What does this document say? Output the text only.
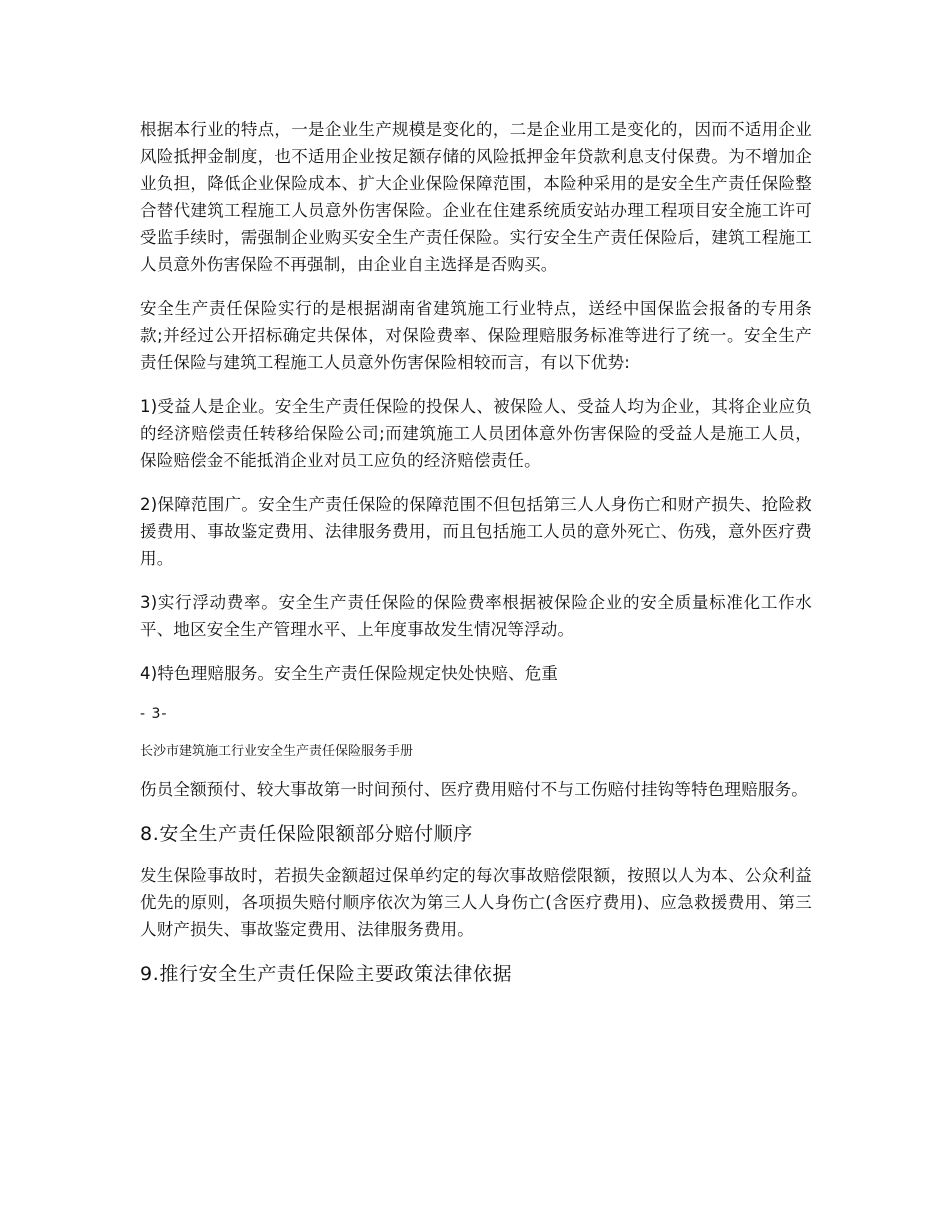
根据本行业的特点，一是企业生产规模是变化的，二是企业用工是变化的，因而不适用企业风险抵押金制度，也不适用企业按足额存储的风险抵押金年贷款利息支付保费。为不增加企业负担，降低企业保险成本、扩大企业保险保障范围，本险种采用的是安全生产责任保险整合替代建筑工程施工人员意外伤害保险。企业在住建系统质安站办理工程项目安全施工许可受监手续时，需强制企业购买安全生产责任保险。实行安全生产责任保险后，建筑工程施工人员意外伤害保险不再强制，由企业自主选择是否购买。

安全生产责任保险实行的是根据湖南省建筑施工行业特点，送经中国保监会报备的专用条款;并经过公开招标确定共保体，对保险费率、保险理赔服务标准等进行了统一。安全生产责任保险与建筑工程施工人员意外伤害保险相较而言，有以下优势:

1)受益人是企业。安全生产责任保险的投保人、被保险人、受益人均为企业，其将企业应负的经济赔偿责任转移给保险公司;而建筑施工人员团体意外伤害保险的受益人是施工人员，保险赔偿金不能抵消企业对员工应负的经济赔偿责任。

2)保障范围广。安全生产责任保险的保障范围不但包括第三人人身伤亡和财产损失、抢险救援费用、事故鉴定费用、法律服务费用，而且包括施工人员的意外死亡、伤残，意外医疗费用。

3)实行浮动费率。安全生产责任保险的保险费率根据被保险企业的安全质量标准化工作水平、地区安全生产管理水平、上年度事故发生情况等浮动。

4)特色理赔服务。安全生产责任保险规定快处快赔、危重

- 3-
长沙市建筑施工行业安全生产责任保险服务手册

伤员全额预付、较大事故第一时间预付、医疗费用赔付不与工伤赔付挂钩等特色理赔服务。

8.安全生产责任保险限额部分赔付顺序

发生保险事故时，若损失金额超过保单约定的每次事故赔偿限额，按照以人为本、公众利益优先的原则，各项损失赔付顺序依次为第三人人身伤亡(含医疗费用)、应急救援费用、第三人财产损失、事故鉴定费用、法律服务费用。

9.推行安全生产责任保险主要政策法律依据
